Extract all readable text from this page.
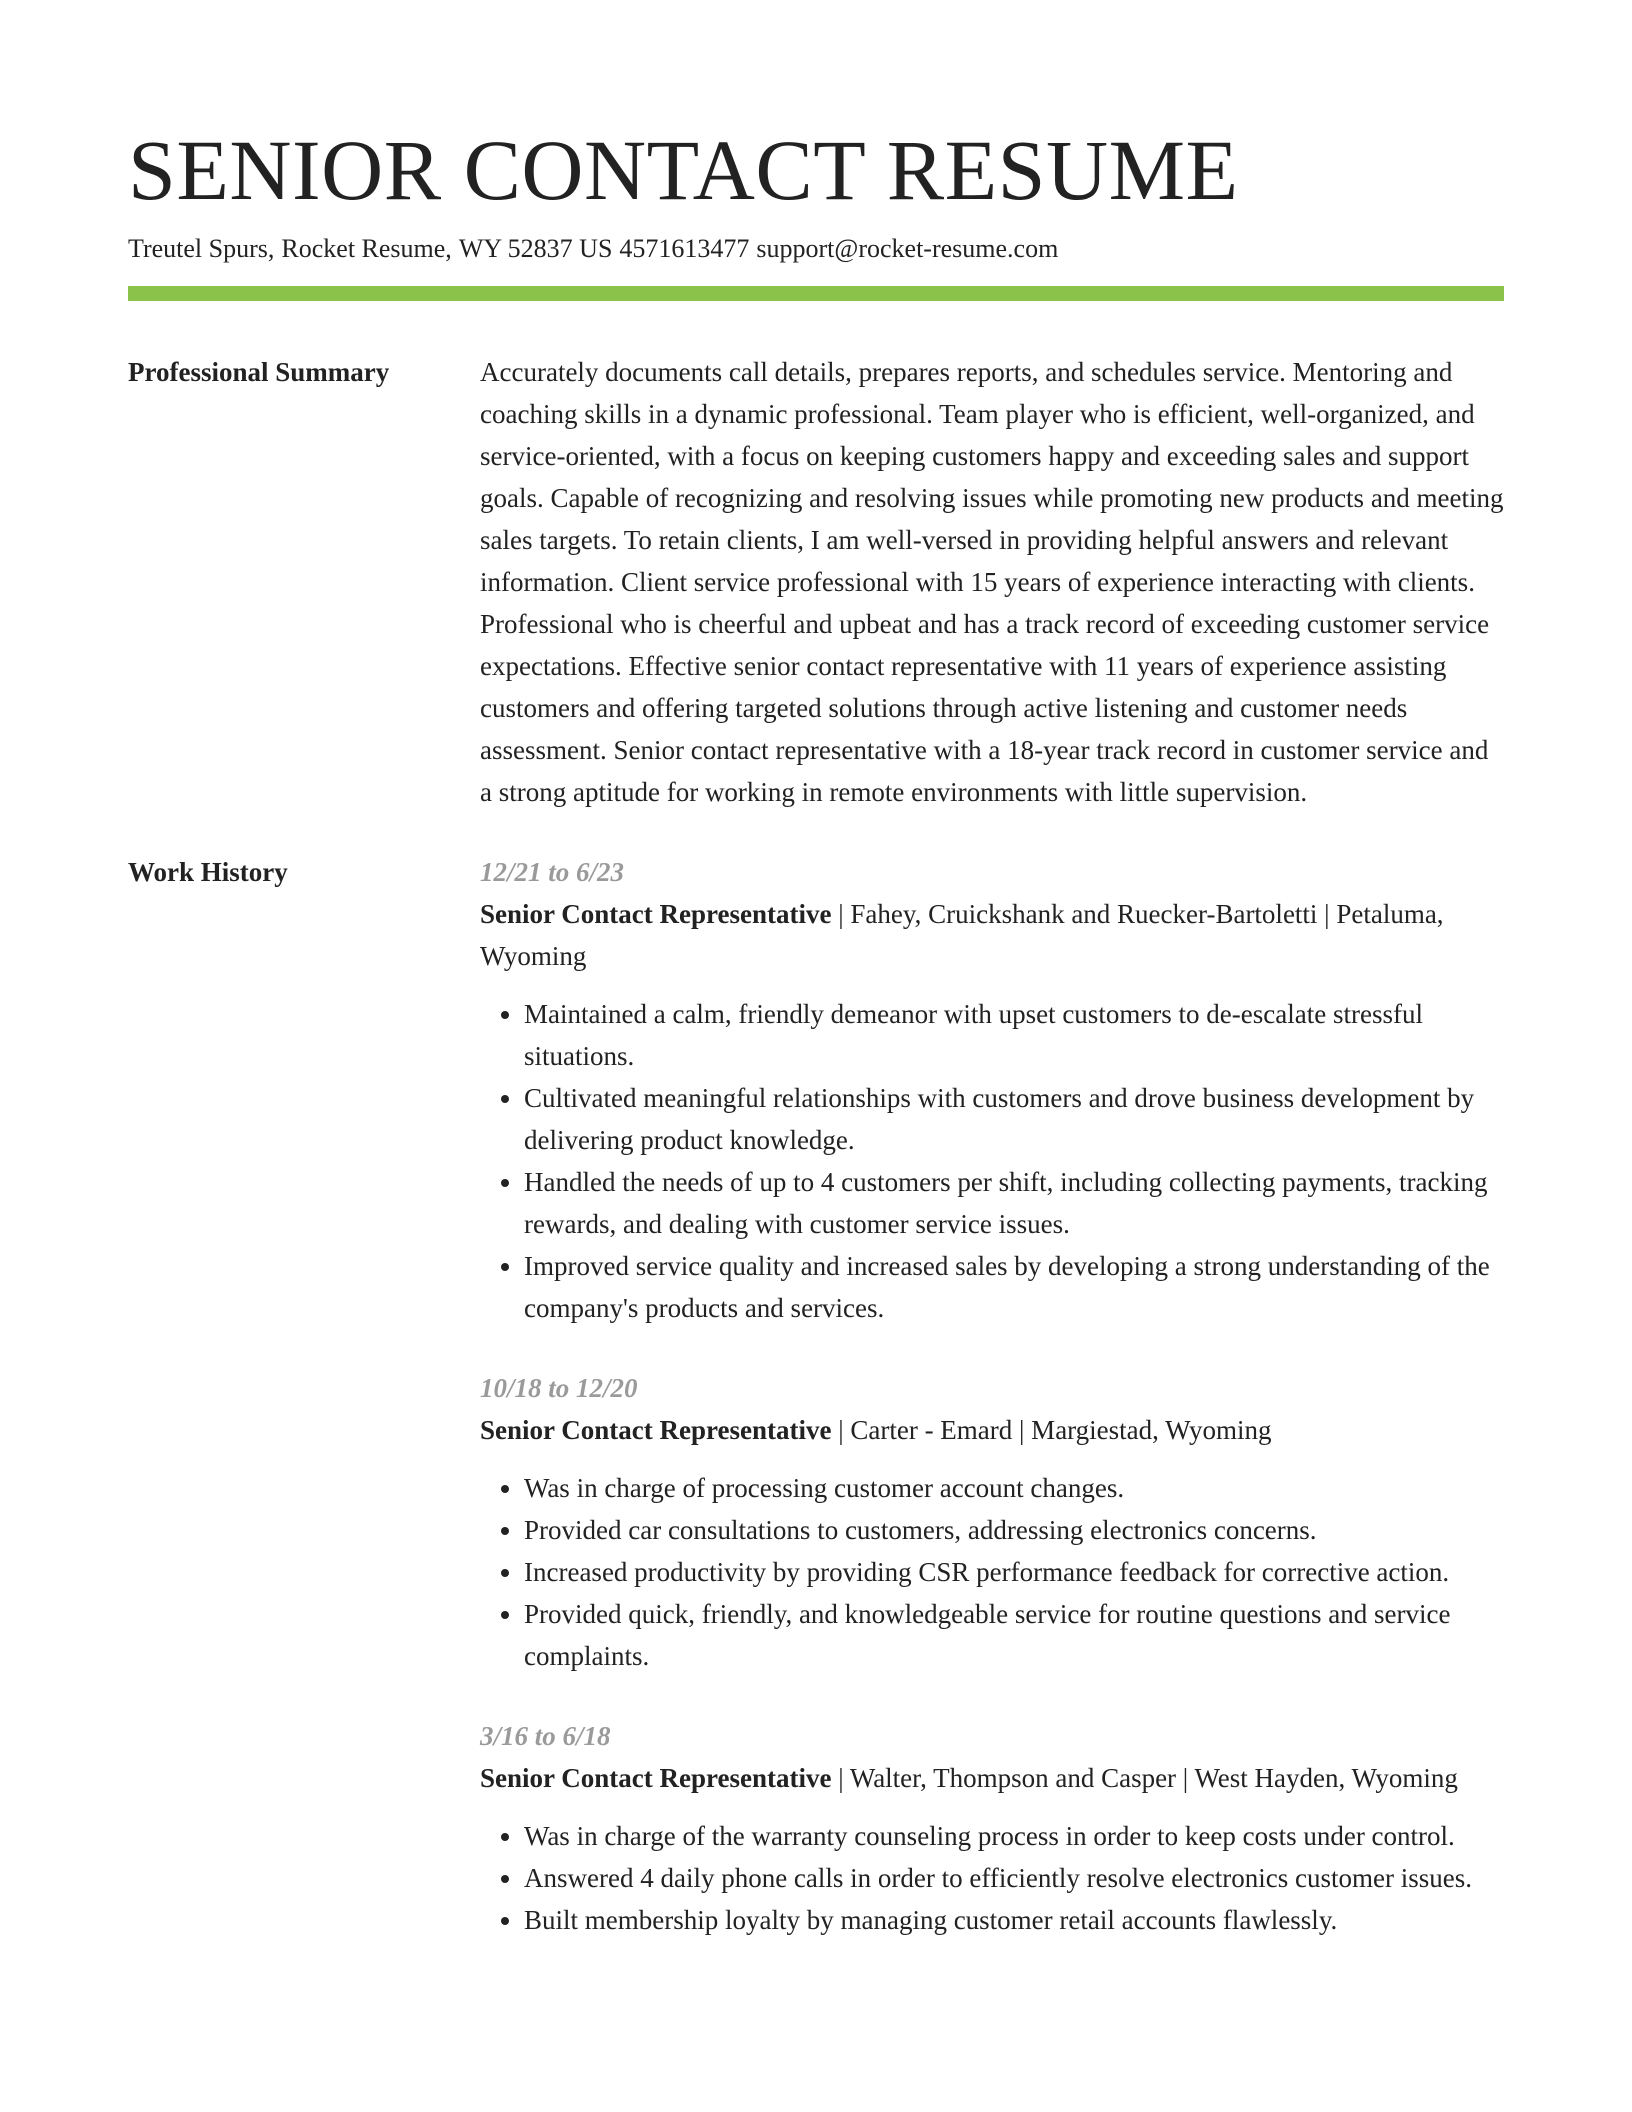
SENIOR CONTACT RESUME
Treutel Spurs, Rocket Resume, WY 52837 US 4571613477 support@rocket-resume.com
Professional Summary	Accurately documents call details, prepares reports, and schedules service. Mentoring and coaching skills in a dynamic professional. Team player who is efficient, well-organized, and service-oriented, with a focus on keeping customers happy and exceeding sales and support goals. Capable of recognizing and resolving issues while promoting new products and meeting sales targets. To retain clients, I am well-versed in providing helpful answers and relevant information. Client service professional with 15 years of experience interacting with clients. Professional who is cheerful and upbeat and has a track record of exceeding customer service expectations. Effective senior contact representative with 11 years of experience assisting customers and offering targeted solutions through active listening and customer needs assessment. Senior contact representative with a 18-year track record in customer service and a strong aptitude for working in remote environments with little supervision.

Work History	12/21 to 6/23
Senior Contact Representative | Fahey, Cruickshank and Ruecker-Bartoletti | Petaluma, Wyoming
• Maintained a calm, friendly demeanor with upset customers to de-escalate stressful situations.
• Cultivated meaningful relationships with customers and drove business development by delivering product knowledge.
• Handled the needs of up to 4 customers per shift, including collecting payments, tracking rewards, and dealing with customer service issues.
• Improved service quality and increased sales by developing a strong understanding of the company's products and services.
10/18 to 12/20
Senior Contact Representative | Carter - Emard | Margiestad, Wyoming
• Was in charge of processing customer account changes.
• Provided car consultations to customers, addressing electronics concerns.
• Increased productivity by providing CSR performance feedback for corrective action.
• Provided quick, friendly, and knowledgeable service for routine questions and service complaints.
3/16 to 6/18
Senior Contact Representative | Walter, Thompson and Casper | West Hayden, Wyoming
• Was in charge of the warranty counseling process in order to keep costs under control.
• Answered 4 daily phone calls in order to efficiently resolve electronics customer issues.
• Built membership loyalty by managing customer retail accounts flawlessly.
